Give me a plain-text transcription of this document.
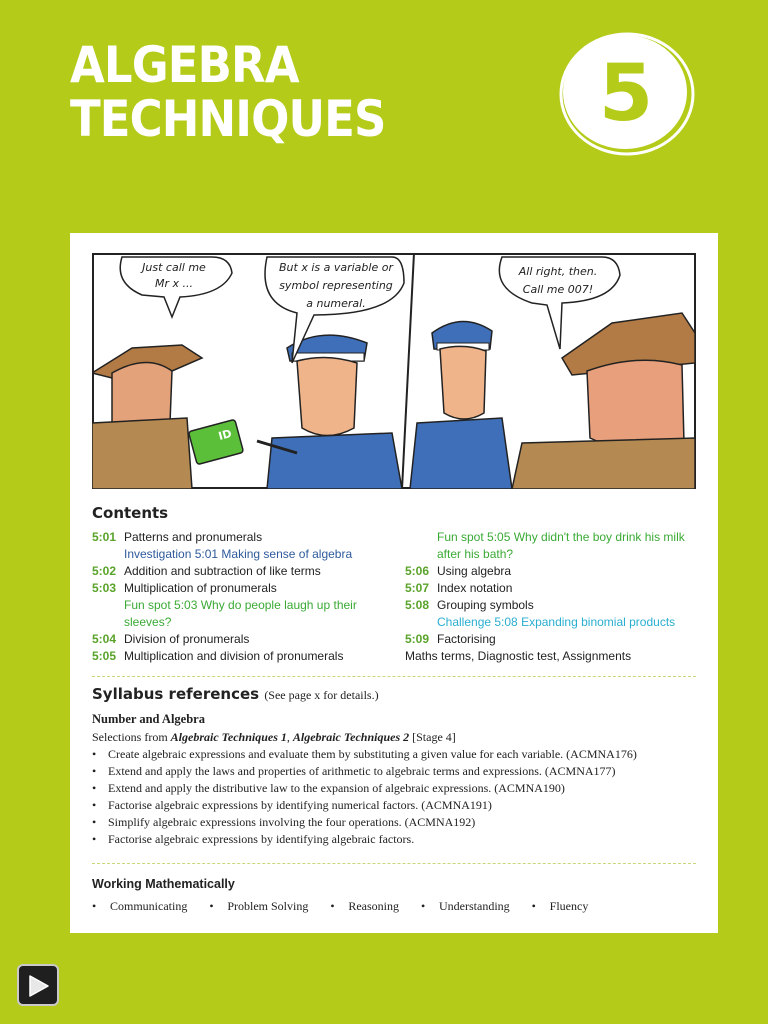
ALGEBRA
TECHNIQUES	5
ID
Just call me
Mr x ...
But x is a variable or
symbol representing
a numeral.
All right, then.
Call me 007!
Contents
5:01 Patterns and pronumerals
Investigation 5:01 Making sense of algebra
5:02 Addition and subtraction of like terms
5:03 Multiplication of pronumerals
Fun spot 5:03 Why do people laugh up their
sleeves?
5:04 Division of pronumerals
5:05 Multiplication and division of pronumerals
Fun spot 5:05 Why didn't the boy drink his milk
after his bath?
5:06 Using algebra
5:07 Index notation
5:08 Grouping symbols
Challenge 5:08 Expanding binomial products
5:09 Factorising
Maths terms, Diagnostic test, Assignments
Syllabus references (See page x for details.)
Number and Algebra
Selections from Algebraic Techniques 1, Algebraic Techniques 2 [Stage 4]
• Create algebraic expressions and evaluate them by substituting a given value for each variable. (ACMNA176)
• Extend and apply the laws and properties of arithmetic to algebraic terms and expressions. (ACMNA177)
• Extend and apply the distributive law to the expansion of algebraic expressions. (ACMNA190)
• Factorise algebraic expressions by identifying numerical factors. (ACMNA191)
• Simplify algebraic expressions involving the four operations. (ACMNA192)
• Factorise algebraic expressions by identifying algebraic factors.
Working Mathematically
• Communicating • Problem Solving • Reasoning • Understanding • Fluency
